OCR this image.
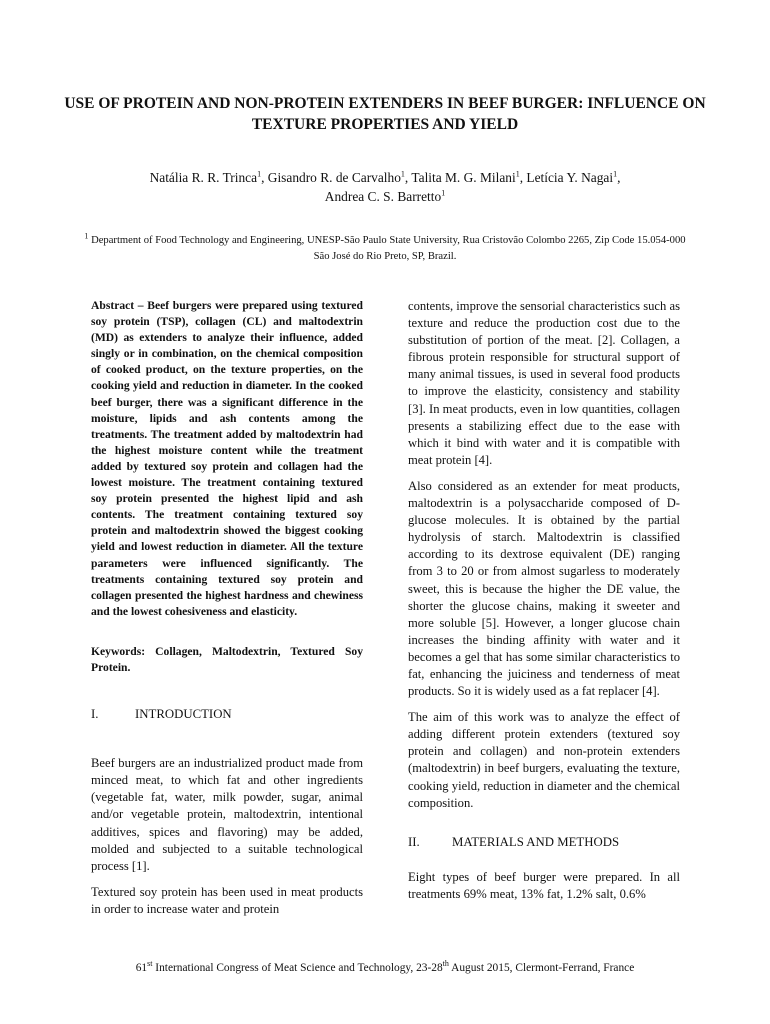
USE OF PROTEIN AND NON-PROTEIN EXTENDERS IN BEEF BURGER: INFLUENCE ON TEXTURE PROPERTIES AND YIELD

Natália R. R. Trinca$^1$, Gisandro R. de Carvalho$^1$, Talita M. G. Milani$^1$, Letícia Y. Nagai$^1$,
Andrea C. S. Barretto$^1$

$^1$ Department of Food Technology and Engineering, UNESP-São Paulo State University, Rua Cristovão Colombo 2265, Zip Code 15.054-000 São José do Rio Preto, SP, Brazil.

Abstract – Beef burgers were prepared using textured soy protein (TSP), collagen (CL) and maltodextrin (MD) as extenders to analyze their influence, added singly or in combination, on the chemical composition of cooked product, on the texture properties, on the cooking yield and reduction in diameter. In the cooked beef burger, there was a significant difference in the moisture, lipids and ash contents among the treatments. The treatment added by maltodextrin had the highest moisture content while the treatment added by textured soy protein and collagen had the lowest moisture. The treatment containing textured soy protein presented the highest lipid and ash contents. The treatment containing textured soy protein and maltodextrin showed the biggest cooking yield and lowest reduction in diameter. All the texture parameters were influenced significantly. The treatments containing textured soy protein and collagen presented the highest hardness and chewiness and the lowest cohesiveness and elasticity.

Keywords: Collagen, Maltodextrin, Textured Soy Protein.

I.	INTRODUCTION

Beef burgers are an industrialized product made from minced meat, to which fat and other ingredients (vegetable fat, water, milk powder, sugar, animal and/or vegetable protein, maltodextrin, intentional additives, spices and flavoring) may be added, molded and subjected to a suitable technological process [1].

Textured soy protein has been used in meat products in order to increase water and protein

contents, improve the sensorial characteristics such as texture and reduce the production cost due to the substitution of portion of the meat. [2]. Collagen, a fibrous protein responsible for structural support of many animal tissues, is used in several food products to improve the elasticity, consistency and stability [3]. In meat products, even in low quantities, collagen presents a stabilizing effect due to the ease with which it bind with water and it is compatible with meat protein [4].

Also considered as an extender for meat products, maltodextrin is a polysaccharide composed of D-glucose molecules. It is obtained by the partial hydrolysis of starch. Maltodextrin is classified according to its dextrose equivalent (DE) ranging from 3 to 20 or from almost sugarless to moderately sweet, this is because the higher the DE value, the shorter the glucose chains, making it sweeter and more soluble [5]. However, a longer glucose chain increases the binding affinity with water and it becomes a gel that has some similar characteristics to fat, enhancing the juiciness and tenderness of meat products. So it is widely used as a fat replacer [4].

The aim of this work was to analyze the effect of adding different protein extenders (textured soy protein and collagen) and non-protein extenders (maltodextrin) in beef burgers, evaluating the texture, cooking yield, reduction in diameter and the chemical composition.

II.	MATERIALS AND METHODS

Eight types of beef burger were prepared. In all treatments 69% meat, 13% fat, 1.2% salt, 0.6%

61st International Congress of Meat Science and Technology, 23-28th August 2015, Clermont-Ferrand, France
